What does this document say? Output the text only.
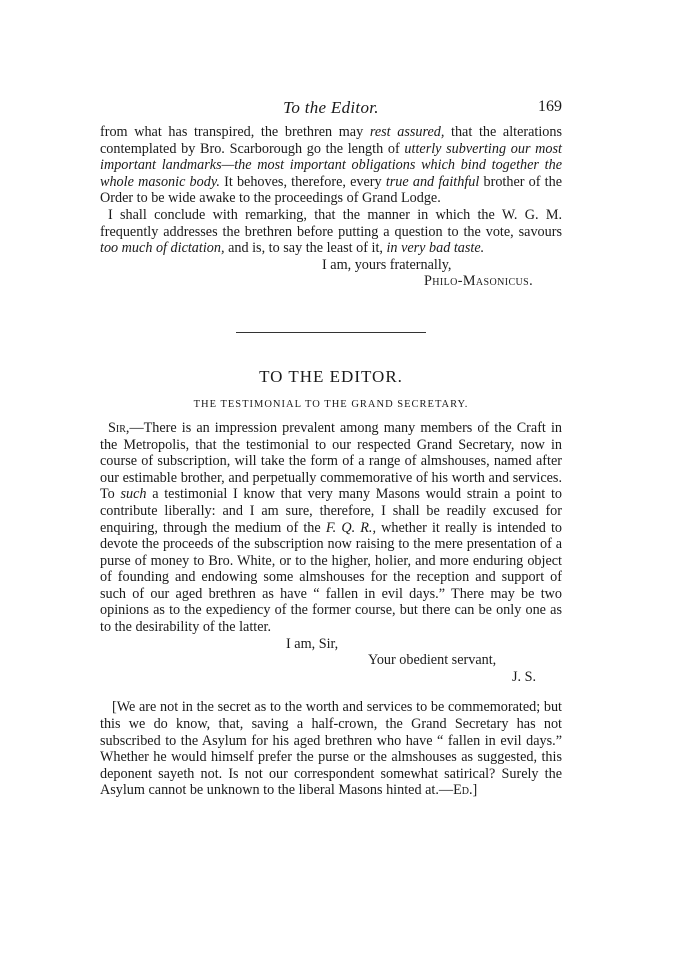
To the Editor.	169

from what has transpired, the brethren may rest assured, that the alterations contemplated by Bro. Scarborough go the length of utterly subverting our most important landmarks—the most important obligations which bind together the whole masonic body. It behoves, therefore, every true and faithful brother of the Order to be wide awake to the proceedings of Grand Lodge.

I shall conclude with remarking, that the manner in which the W. G. M. frequently addresses the brethren before putting a question to the vote, savours too much of dictation, and is, to say the least of it, in very bad taste.

I am, yours fraternally,
Philo-Masonicus.
TO THE EDITOR.
THE TESTIMONIAL TO THE GRAND SECRETARY.

Sir,—There is an impression prevalent among many members of the Craft in the Metropolis, that the testimonial to our respected Grand Secretary, now in course of subscription, will take the form of a range of almshouses, named after our estimable brother, and perpetually commemorative of his worth and services. To such a testimonial I know that very many Masons would strain a point to contribute liberally: and I am sure, therefore, I shall be readily excused for enquiring, through the medium of the F. Q. R., whether it really is intended to devote the proceeds of the subscription now raising to the mere presentation of a purse of money to Bro. White, or to the higher, holier, and more enduring object of founding and endowing some almshouses for the reception and support of such of our aged brethren as have “ fallen in evil days.” There may be two opinions as to the expediency of the former course, but there can be only one as to the desirability of the latter.

I am, Sir,
Your obedient servant,
J. S.

[We are not in the secret as to the worth and services to be commemorated; but this we do know, that, saving a half-crown, the Grand Secretary has not subscribed to the Asylum for his aged brethren who have “ fallen in evil days.” Whether he would himself prefer the purse or the almshouses as suggested, this deponent sayeth not. Is not our correspondent somewhat satirical? Surely the Asylum cannot be unknown to the liberal Masons hinted at.—Ed.]
